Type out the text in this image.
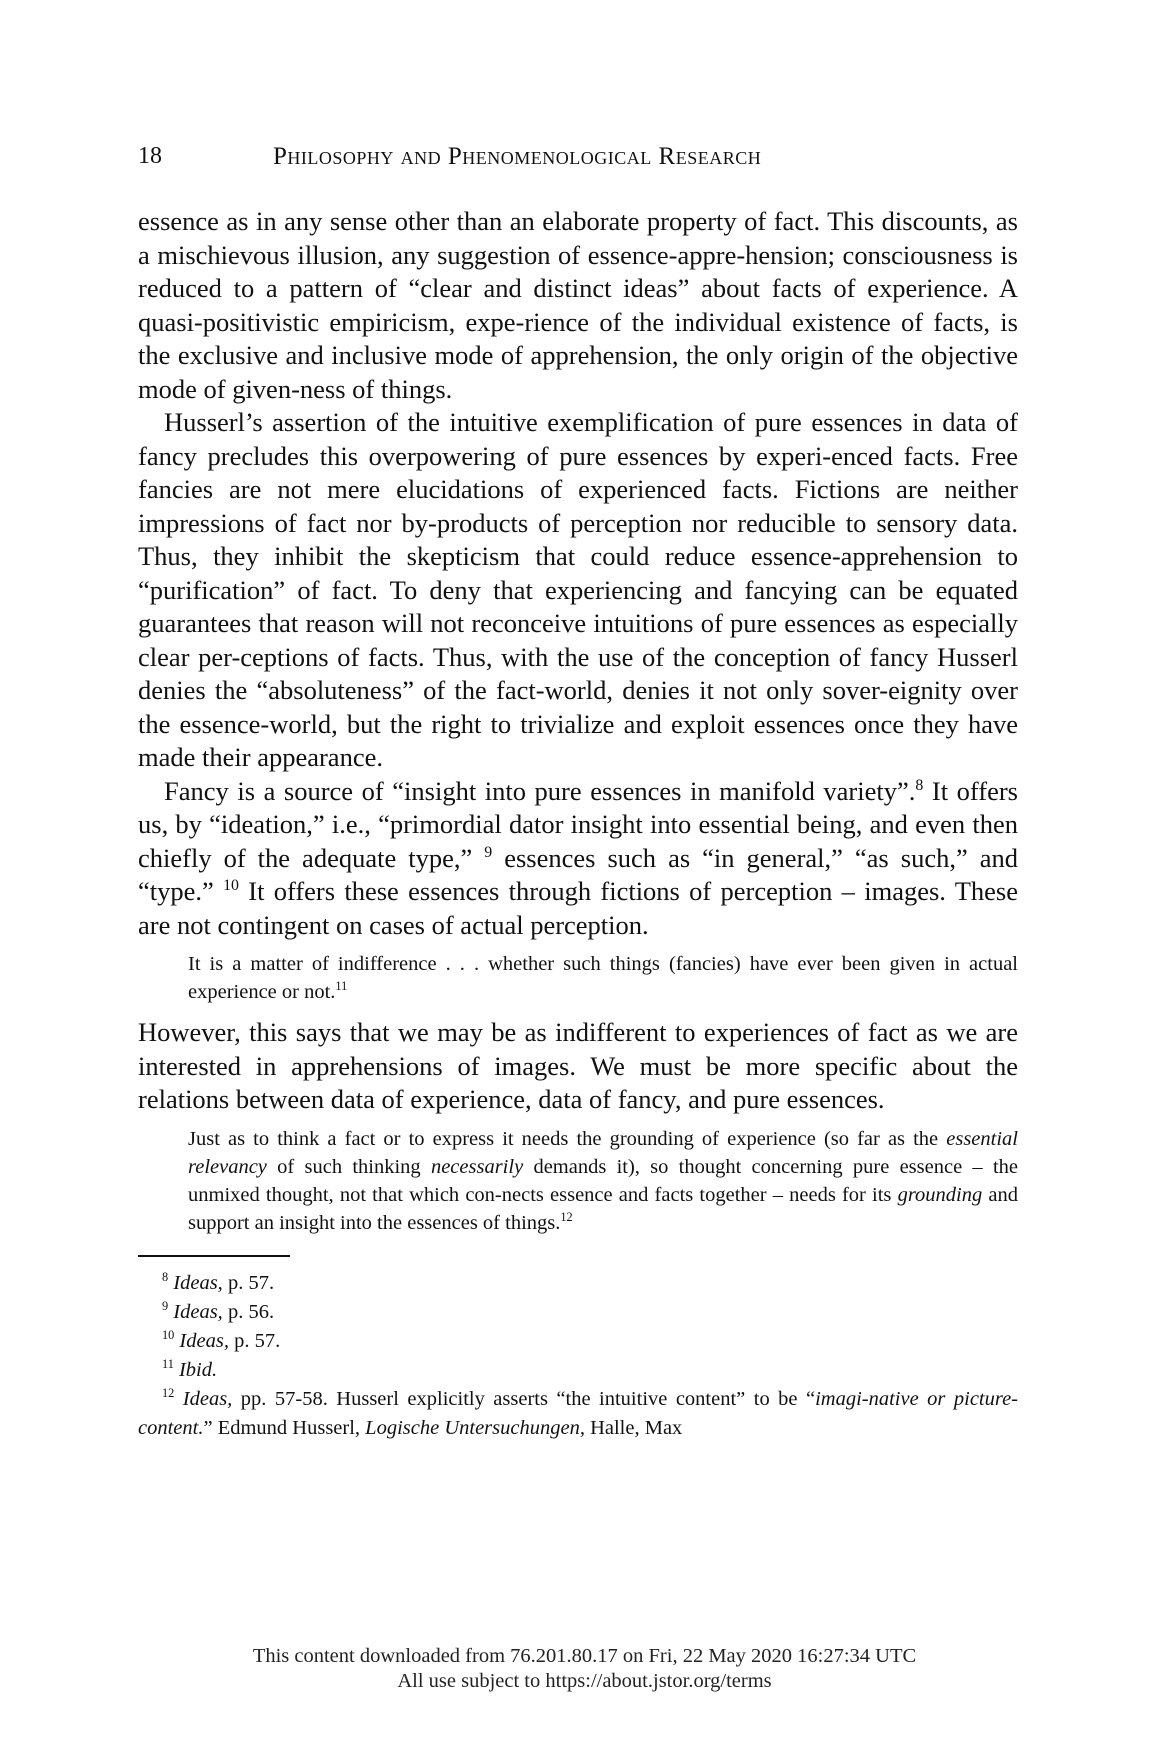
18	Philosophy and Phenomenological Research

essence as in any sense other than an elaborate property of fact. This discounts, as a mischievous illusion, any suggestion of essence-appre-hension; consciousness is reduced to a pattern of “clear and distinct ideas” about facts of experience. A quasi-positivistic empiricism, expe-rience of the individual existence of facts, is the exclusive and inclusive mode of apprehension, the only origin of the objective mode of given-ness of things.

Husserl’s assertion of the intuitive exemplification of pure essences in data of fancy precludes this overpowering of pure essences by experi-enced facts. Free fancies are not mere elucidations of experienced facts. Fictions are neither impressions of fact nor by-products of perception nor reducible to sensory data. Thus, they inhibit the skepticism that could reduce essence-apprehension to “purification” of fact. To deny that experiencing and fancying can be equated guarantees that reason will not reconceive intuitions of pure essences as especially clear per-ceptions of facts. Thus, with the use of the conception of fancy Husserl denies the “absoluteness” of the fact-world, denies it not only sover-eignity over the essence-world, but the right to trivialize and exploit essences once they have made their appearance.

Fancy is a source of “insight into pure essences in manifold variety”.$^8$ It offers us, by “ideation,” i.e., “primordial dator insight into essential being, and even then chiefly of the adequate type,” $^9$ essences such as “in general,” “as such,” and “type.” $^{10}$ It offers these essences through fictions of perception – images. These are not contingent on cases of actual perception.

It is a matter of indifference . . . whether such things (fancies) have ever been given in actual experience or not.$^{11}$

However, this says that we may be as indifferent to experiences of fact as we are interested in apprehensions of images. We must be more specific about the relations between data of experience, data of fancy, and pure essences.

Just as to think a fact or to express it needs the grounding of experience (so far as the essential relevancy of such thinking necessarily demands it), so thought concerning pure essence – the unmixed thought, not that which con-nects essence and facts together – needs for its grounding and support an insight into the essences of things.$^{12}$

$^8$ Ideas, p. 57.

$^9$ Ideas, p. 56.

$^{10}$ Ideas, p. 57.

$^{11}$ Ibid.

$^{12}$ Ideas, pp. 57-58. Husserl explicitly asserts “the intuitive content” to be “imagi-native or picture-content.” Edmund Husserl, Logische Untersuchungen, Halle, Max

This content downloaded from 76.201.80.17 on Fri, 22 May 2020 16:27:34 UTC
All use subject to https://about.jstor.org/terms
